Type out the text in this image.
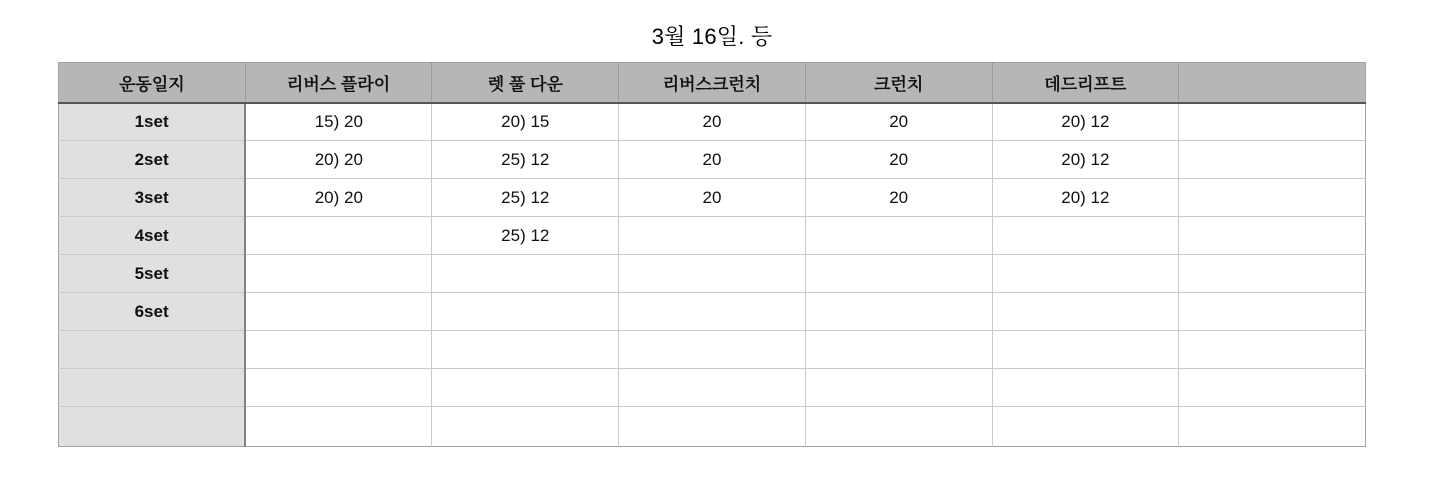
3월 16일. 등
운동일지	리버스 플라이	렛 풀 다운	리버스크런치	크런치	데드리프트	
1set	15) 20	20) 15	20	20	20) 12	
2set	20) 20	25) 12	20	20	20) 12	
3set	20) 20	25) 12	20	20	20) 12	
4set		25) 12				
5set						
6set						
